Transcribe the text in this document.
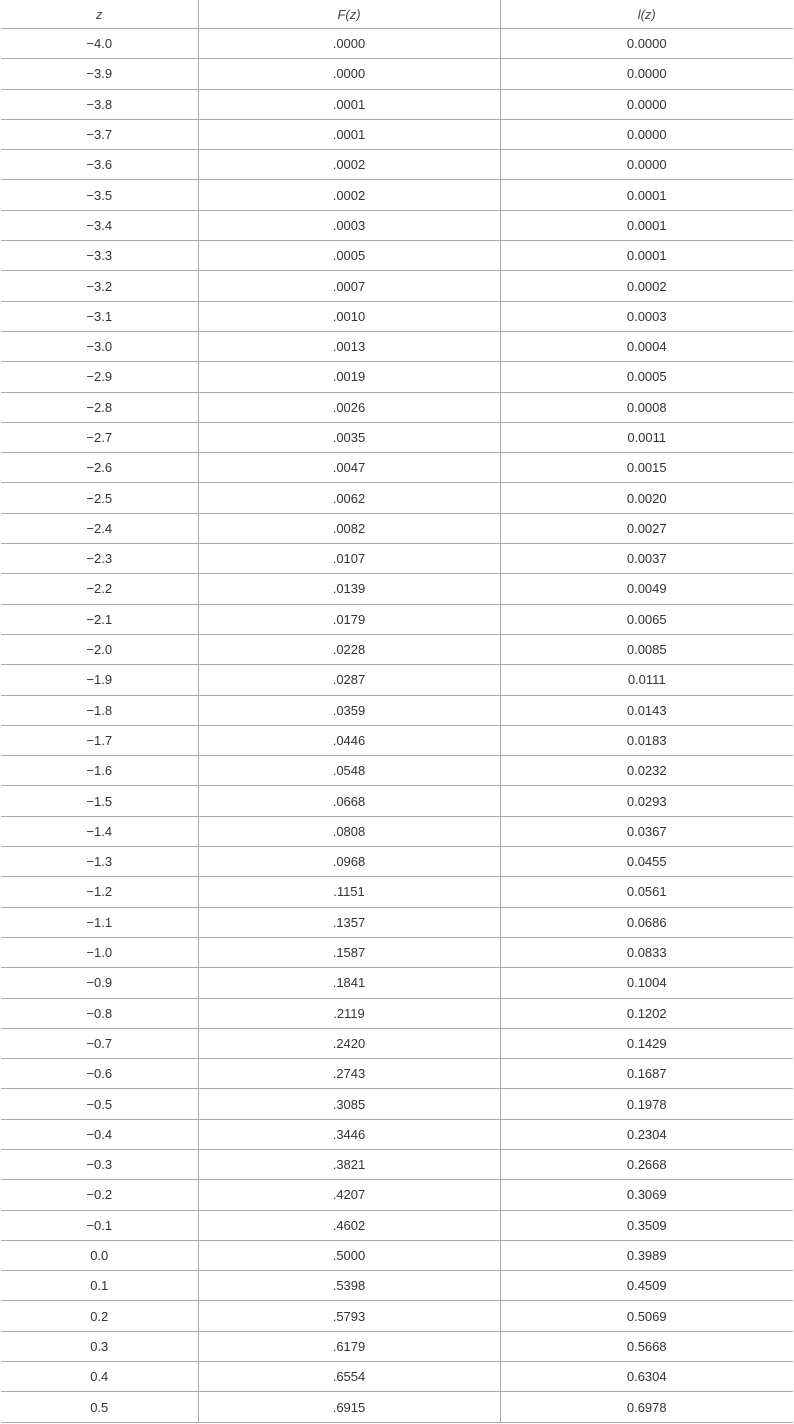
z	F(z)	l(z)
−4.0	.0000	0.0000
−3.9	.0000	0.0000
−3.8	.0001	0.0000
−3.7	.0001	0.0000
−3.6	.0002	0.0000
−3.5	.0002	0.0001
−3.4	.0003	0.0001
−3.3	.0005	0.0001
−3.2	.0007	0.0002
−3.1	.0010	0.0003
−3.0	.0013	0.0004
−2.9	.0019	0.0005
−2.8	.0026	0.0008
−2.7	.0035	0.0011
−2.6	.0047	0.0015
−2.5	.0062	0.0020
−2.4	.0082	0.0027
−2.3	.0107	0.0037
−2.2	.0139	0.0049
−2.1	.0179	0.0065
−2.0	.0228	0.0085
−1.9	.0287	0.0111
−1.8	.0359	0.0143
−1.7	.0446	0.0183
−1.6	.0548	0.0232
−1.5	.0668	0.0293
−1.4	.0808	0.0367
−1.3	.0968	0.0455
−1.2	.1151	0.0561
−1.1	.1357	0.0686
−1.0	.1587	0.0833
−0.9	.1841	0.1004
−0.8	.2119	0.1202
−0.7	.2420	0.1429
−0.6	.2743	0.1687
−0.5	.3085	0.1978
−0.4	.3446	0.2304
−0.3	.3821	0.2668
−0.2	.4207	0.3069
−0.1	.4602	0.3509
0.0	.5000	0.3989
0.1	.5398	0.4509
0.2	.5793	0.5069
0.3	.6179	0.5668
0.4	.6554	0.6304
0.5	.6915	0.6978
